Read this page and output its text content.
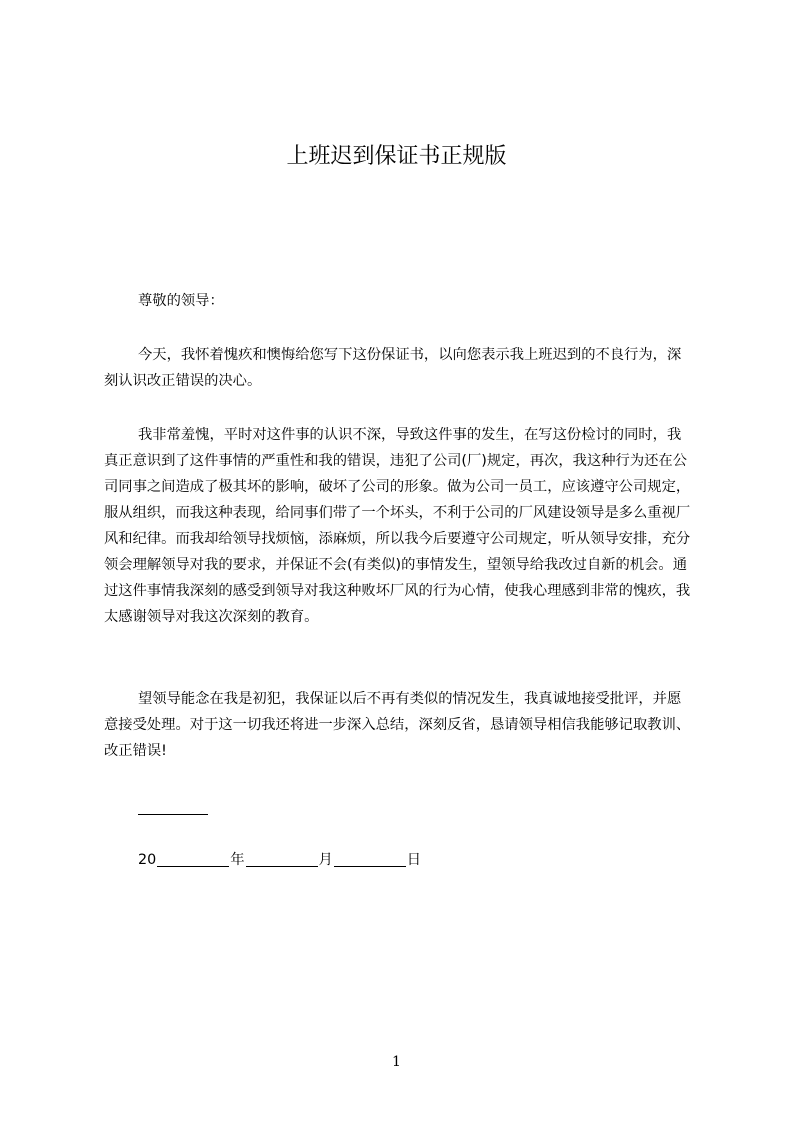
上班迟到保证书正规版

尊敬的领导：

今天，我怀着愧疚和懊悔给您写下这份保证书，以向您表示我上班迟到的不良行为，深刻认识改正错误的决心。

我非常羞愧，平时对这件事的认识不深，导致这件事的发生，在写这份检讨的同时，我真正意识到了这件事情的严重性和我的错误，违犯了公司(厂)规定，再次，我这种行为还在公司同事之间造成了极其坏的影响，破坏了公司的形象。做为公司一员工，应该遵守公司规定，服从组织，而我这种表现，给同事们带了一个坏头，不利于公司的厂风建设领导是多么重视厂风和纪律。而我却给领导找烦恼，添麻烦，所以我今后要遵守公司规定，听从领导安排，充分领会理解领导对我的要求，并保证不会(有类似)的事情发生，望领导给我改过自新的机会。通过这件事情我深刻的感受到领导对我这种败坏厂风的行为心情，使我心理感到非常的愧疚，我太感谢领导对我这次深刻的教育。

望领导能念在我是初犯，我保证以后不再有类似的情况发生，我真诚地接受批评，并愿意接受处理。对于这一切我还将进一步深入总结，深刻反省，恳请领导相信我能够记取教训、改正错误!

20	年	月	日
1
